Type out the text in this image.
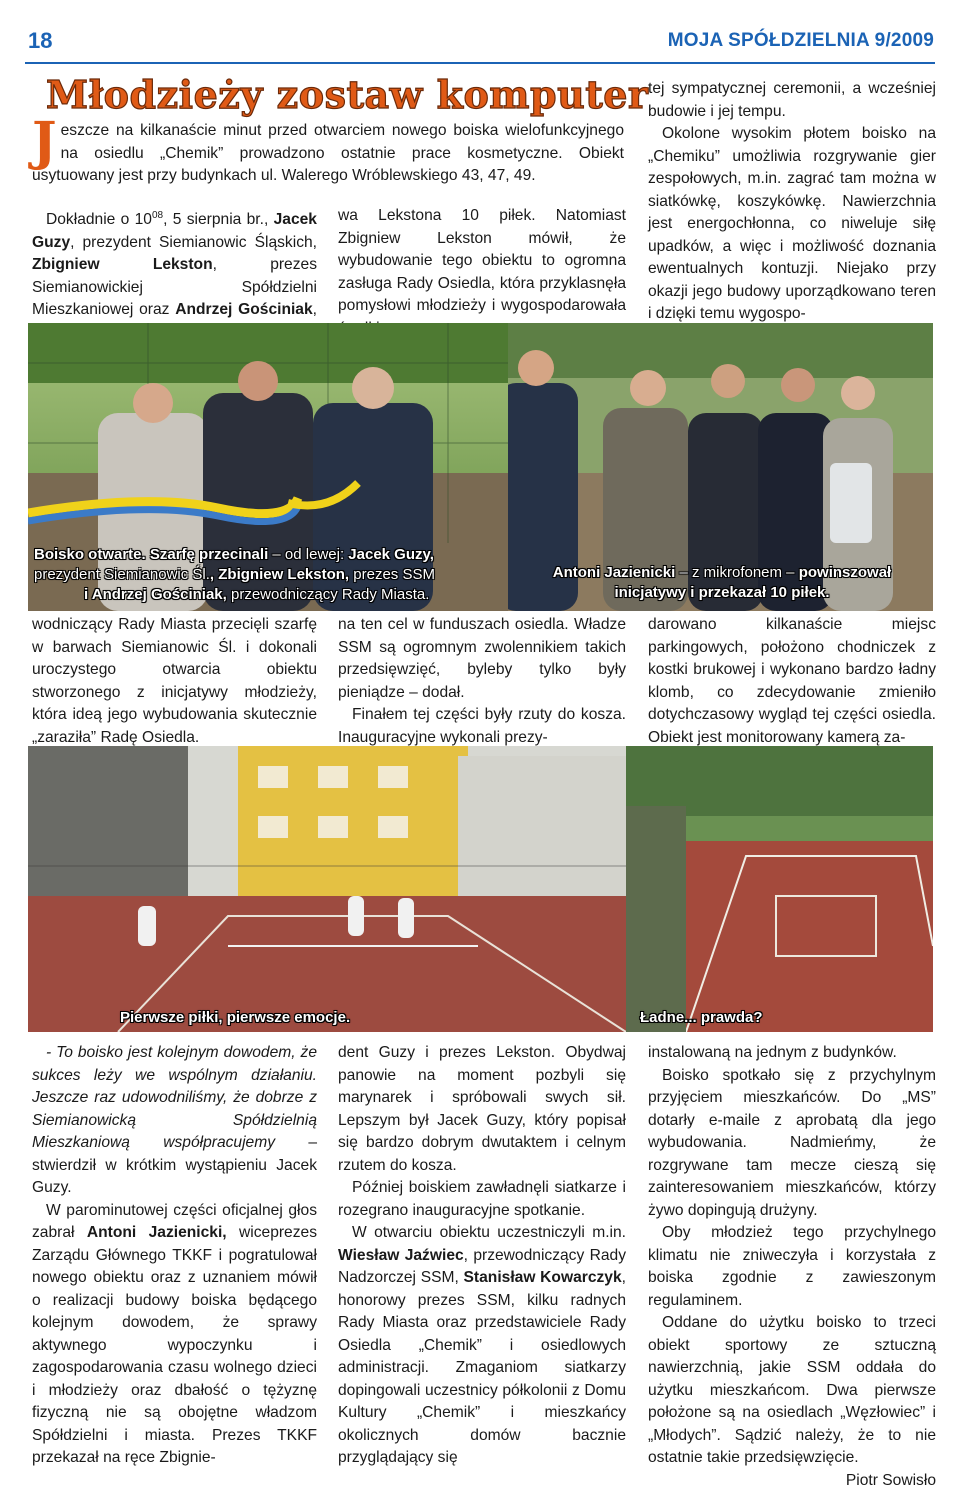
18	MOJA SPÓŁDZIELNIA 9/2009
Młodzieży zostaw komputer

Jeszcze na kilkanaście minut przed otwarciem nowego boiska wielofunkcyjnego na osiedlu „Chemik” prowadzono ostatnie prace kosmetyczne. Obiekt usytuowany jest przy budynkach ul. Walerego Wróblewskiego 43, 47, 49.

Dokładnie o $10^{08}$, 5 sierpnia br., Jacek Guzy, prezydent Siemianowic Śląskich, Zbigniew Lekston, prezes Siemianowickiej Spółdzielni Mieszkaniowej oraz Andrzej Gościniak,

wa Lekstona 10 piłek. Natomiast Zbigniew Lekston mówił, że wybudowanie tego obiektu to ogromna zasługa Rady Osiedla, która przyklasnęła pomysłowi młodzieży i wygospodarowała

tej sympatycznej ceremonii, a wcześniej budowie i jej tempu.

Okolone wysokim płotem boisko na „Chemiku” umożliwia rozgrywanie gier zespołowych, m.in. zagrać tam można w siatkówkę, koszykówkę. Nawierzchnia jest energochłonna, co niweluje siłę upadków, a więc i możliwość doznania ewentualnych kontuzji. Niejako przy okazji jego budowy uporządkowano teren i dzięki temu wygospo-

Boisko otwarte. Szarfę przecinali – od lewej: Jacek Guzy,
prezydent Siemianowic Śl., Zbigniew Lekston, prezes SSM
i Andrzej Gościniak, przewodniczący Rady Miasta.
Antoni Jazienicki – z mikrofonem – powinszował
inicjatywy i przekazał 10 piłek.

wodniczący Rady Miasta przecięli szarfę w barwach Siemianowic Śl. i dokonali uroczystego otwarcia obiektu stworzonego z inicjatywy młodzieży, która ideą jego wybudowania skutecznie „zaraziła” Radę Osiedla.

na ten cel w funduszach osiedla. Władze SSM są ogromnym zwolennikiem takich przedsięwzięć, byleby tylko były pieniądze – dodał.

Finałem tej części były rzuty do kosza. Inauguracyjne wykonali prezy-

darowano kilkanaście miejsc parkingowych, położono chodniczek z kostki brukowej i wykonano bardzo ładny klomb, co zdecydowanie zmieniło dotychczasowy wygląd tej części osiedla. Obiekt jest monitorowany kamerą za-

Pierwsze piłki, pierwsze emocje.	Ładne... prawda?

- To boisko jest kolejnym dowodem, że sukces leży we wspólnym działaniu. Jeszcze raz udowodniliśmy, że dobrze z Siemianowicką Spółdzielnią Mieszkaniową współpracujemy – stwierdził w krótkim wystąpieniu Jacek Guzy.

W parominutowej części oficjalnej głos zabrał Antoni Jazienicki, wiceprezes Zarządu Głównego TKKF i pogratulował nowego obiektu oraz z uznaniem mówił o realizacji budowy boiska będącego kolejnym dowodem, że sprawy aktywnego wypoczynku i zagospodarowania czasu wolnego dzieci i młodzieży oraz dbałość o tężyznę fizyczną nie są obojętne władzom Spółdzielni i miasta. Prezes TKKF przekazał na ręce Zbignie-

dent Guzy i prezes Lekston. Obydwaj panowie na moment pozbyli się marynarek i spróbowali swych sił. Lepszym był Jacek Guzy, który popisał się bardzo dobrym dwutaktem i celnym rzutem do kosza.

Później boiskiem zawładnęli siatkarze i rozegrano inauguracyjne spotkanie.

W otwarciu obiektu uczestniczyli m.in. Wiesław Jaźwiec, przewodniczący Rady Nadzorczej SSM, Stanisław Kowarczyk, honorowy prezes SSM, kilku radnych Rady Miasta oraz przedstawiciele Rady Osiedla „Chemik” i osiedlowych administracji. Zmaganiom siatkarzy dopingowali uczestnicy półkolonii z Domu Kultury „Chemik” i mieszkańcy okolicznych domów bacznie przyglądający się

instalowaną na jednym z budynków.

Boisko spotkało się z przychylnym przyjęciem mieszkańców. Do „MS” dotarły e-maile z aprobatą dla jego wybudowania. Nadmieńmy, że rozgrywane tam mecze cieszą się zainteresowaniem mieszkańców, którzy żywo dopingują drużyny.

Oby młodzież tego przychylnego klimatu nie zniweczyła i korzystała z boiska zgodnie z zawieszonym regulaminem.

Oddane do użytku boisko to trzeci obiekt sportowy ze sztuczną nawierzchnią, jakie SSM oddała do użytku mieszkańcom. Dwa pierwsze położone są na osiedlach „Węzłowiec” i „Młodych”. Sądzić należy, że to nie ostatnie takie przedsięwzięcie.
Piotr Sowisło
